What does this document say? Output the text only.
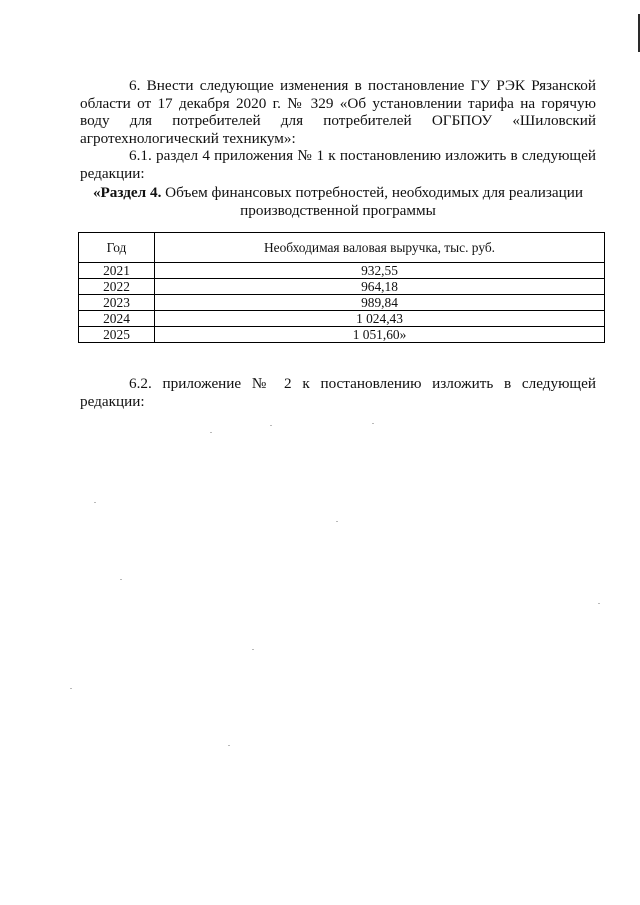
6. Внести следующие изменения в постановление ГУ РЭК Рязанской области от 17 декабря 2020 г. № 329 «Об установлении тарифа на горячую воду для потребителей для потребителей ОГБПОУ «Шиловский агротехнологический техникум»:

6.1. раздел 4 приложения № 1 к постановлению изложить в следующей редакции:

«Раздел 4. Объем финансовых потребностей, необходимых для реализации производственной программы
Год	Необходимая валовая выручка, тыс. руб.
2021	932,55
2022	964,18
2023	989,84
2024	1 024,43
2025	1 051,60»

6.2. приложение № 2 к постановлению изложить в следующей редакции:
